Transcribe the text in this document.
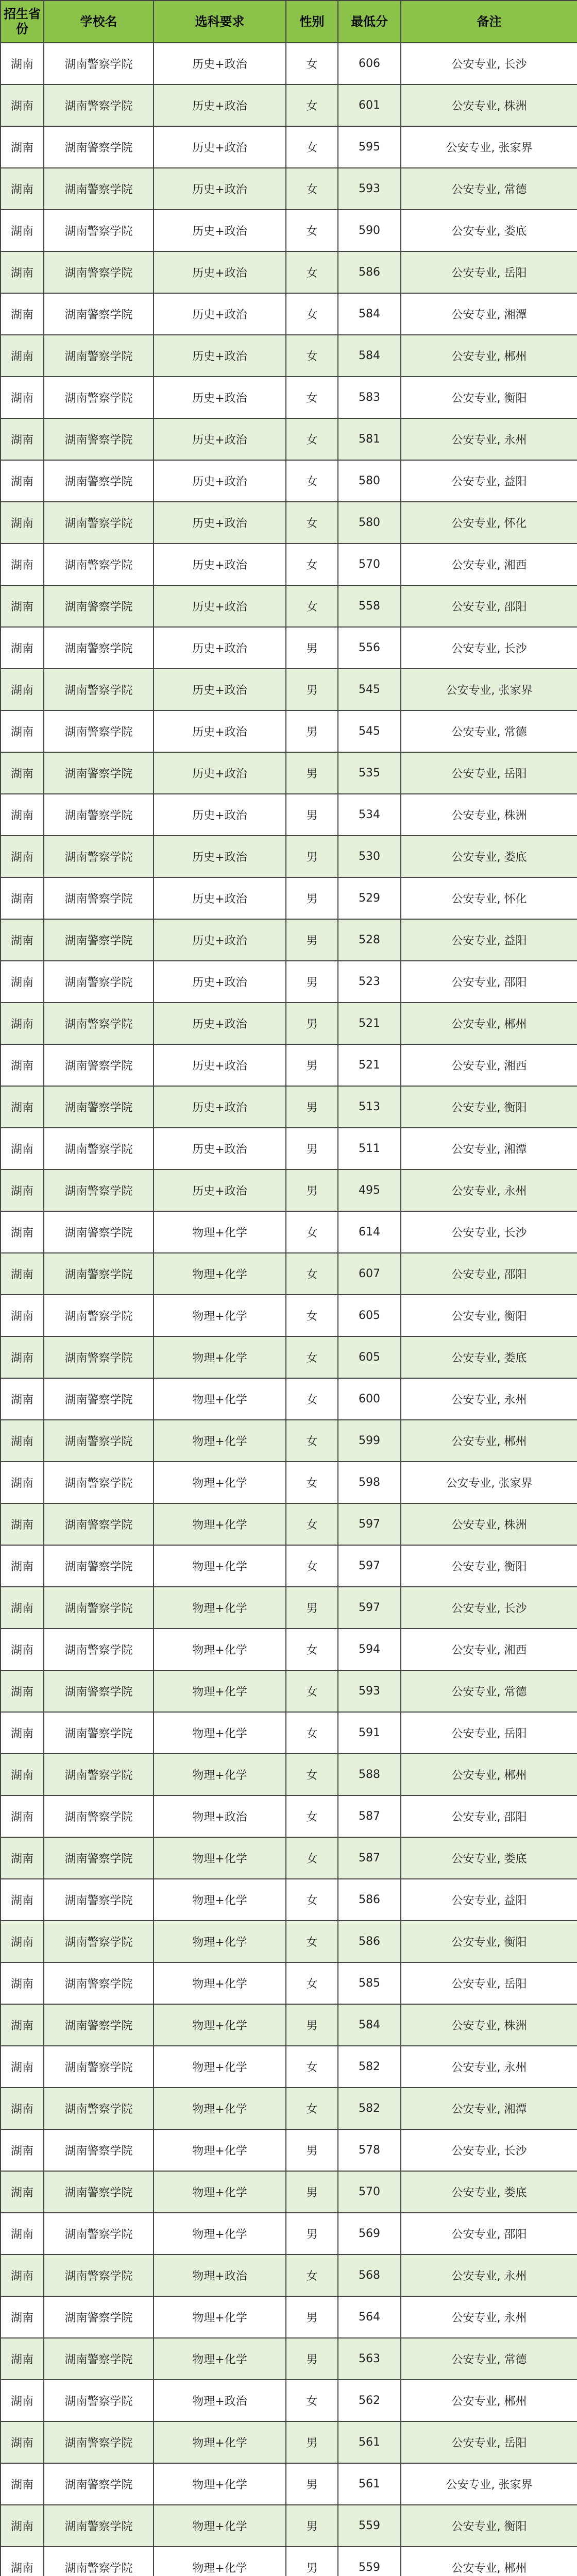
招生省份	学校名	选科要求	性别	最低分	备注
湖南	湖南警察学院	历史+政治	女	606	公安专业, 长沙
湖南	湖南警察学院	历史+政治	女	601	公安专业, 株洲
湖南	湖南警察学院	历史+政治	女	595	公安专业, 张家界
湖南	湖南警察学院	历史+政治	女	593	公安专业, 常德
湖南	湖南警察学院	历史+政治	女	590	公安专业, 娄底
湖南	湖南警察学院	历史+政治	女	586	公安专业, 岳阳
湖南	湖南警察学院	历史+政治	女	584	公安专业, 湘潭
湖南	湖南警察学院	历史+政治	女	584	公安专业, 郴州
湖南	湖南警察学院	历史+政治	女	583	公安专业, 衡阳
湖南	湖南警察学院	历史+政治	女	581	公安专业, 永州
湖南	湖南警察学院	历史+政治	女	580	公安专业, 益阳
湖南	湖南警察学院	历史+政治	女	580	公安专业, 怀化
湖南	湖南警察学院	历史+政治	女	570	公安专业, 湘西
湖南	湖南警察学院	历史+政治	女	558	公安专业, 邵阳
湖南	湖南警察学院	历史+政治	男	556	公安专业, 长沙
湖南	湖南警察学院	历史+政治	男	545	公安专业, 张家界
湖南	湖南警察学院	历史+政治	男	545	公安专业, 常德
湖南	湖南警察学院	历史+政治	男	535	公安专业, 岳阳
湖南	湖南警察学院	历史+政治	男	534	公安专业, 株洲
湖南	湖南警察学院	历史+政治	男	530	公安专业, 娄底
湖南	湖南警察学院	历史+政治	男	529	公安专业, 怀化
湖南	湖南警察学院	历史+政治	男	528	公安专业, 益阳
湖南	湖南警察学院	历史+政治	男	523	公安专业, 邵阳
湖南	湖南警察学院	历史+政治	男	521	公安专业, 郴州
湖南	湖南警察学院	历史+政治	男	521	公安专业, 湘西
湖南	湖南警察学院	历史+政治	男	513	公安专业, 衡阳
湖南	湖南警察学院	历史+政治	男	511	公安专业, 湘潭
湖南	湖南警察学院	历史+政治	男	495	公安专业, 永州
湖南	湖南警察学院	物理+化学	女	614	公安专业, 长沙
湖南	湖南警察学院	物理+化学	女	607	公安专业, 邵阳
湖南	湖南警察学院	物理+化学	女	605	公安专业, 衡阳
湖南	湖南警察学院	物理+化学	女	605	公安专业, 娄底
湖南	湖南警察学院	物理+化学	女	600	公安专业, 永州
湖南	湖南警察学院	物理+化学	女	599	公安专业, 郴州
湖南	湖南警察学院	物理+化学	女	598	公安专业, 张家界
湖南	湖南警察学院	物理+化学	女	597	公安专业, 株洲
湖南	湖南警察学院	物理+化学	女	597	公安专业, 衡阳
湖南	湖南警察学院	物理+化学	男	597	公安专业, 长沙
湖南	湖南警察学院	物理+化学	女	594	公安专业, 湘西
湖南	湖南警察学院	物理+化学	女	593	公安专业, 常德
湖南	湖南警察学院	物理+化学	女	591	公安专业, 岳阳
湖南	湖南警察学院	物理+化学	女	588	公安专业, 郴州
湖南	湖南警察学院	物理+政治	女	587	公安专业, 邵阳
湖南	湖南警察学院	物理+化学	女	587	公安专业, 娄底
湖南	湖南警察学院	物理+化学	女	586	公安专业, 益阳
湖南	湖南警察学院	物理+化学	女	586	公安专业, 衡阳
湖南	湖南警察学院	物理+化学	女	585	公安专业, 岳阳
湖南	湖南警察学院	物理+化学	男	584	公安专业, 株洲
湖南	湖南警察学院	物理+化学	女	582	公安专业, 永州
湖南	湖南警察学院	物理+化学	女	582	公安专业, 湘潭
湖南	湖南警察学院	物理+化学	男	578	公安专业, 长沙
湖南	湖南警察学院	物理+化学	男	570	公安专业, 娄底
湖南	湖南警察学院	物理+化学	男	569	公安专业, 邵阳
湖南	湖南警察学院	物理+政治	女	568	公安专业, 永州
湖南	湖南警察学院	物理+化学	男	564	公安专业, 永州
湖南	湖南警察学院	物理+化学	男	563	公安专业, 常德
湖南	湖南警察学院	物理+政治	女	562	公安专业, 郴州
湖南	湖南警察学院	物理+化学	男	561	公安专业, 岳阳
湖南	湖南警察学院	物理+化学	男	561	公安专业, 张家界
湖南	湖南警察学院	物理+化学	男	559	公安专业, 衡阳
湖南	湖南警察学院	物理+化学	男	559	公安专业, 郴州
